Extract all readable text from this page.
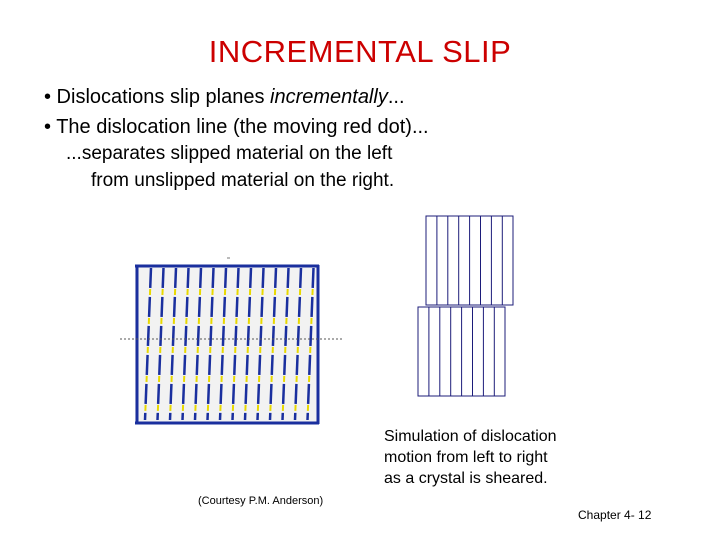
INCREMENTAL SLIP
• Dislocations slip planes incrementally...
• The dislocation line (the moving red dot)...
...separates slipped material on the left
from unslipped material on the right.
Simulation of dislocation
motion from left to right
as a crystal is sheared.
(Courtesy P.M. Anderson)
Chapter 4- 12
